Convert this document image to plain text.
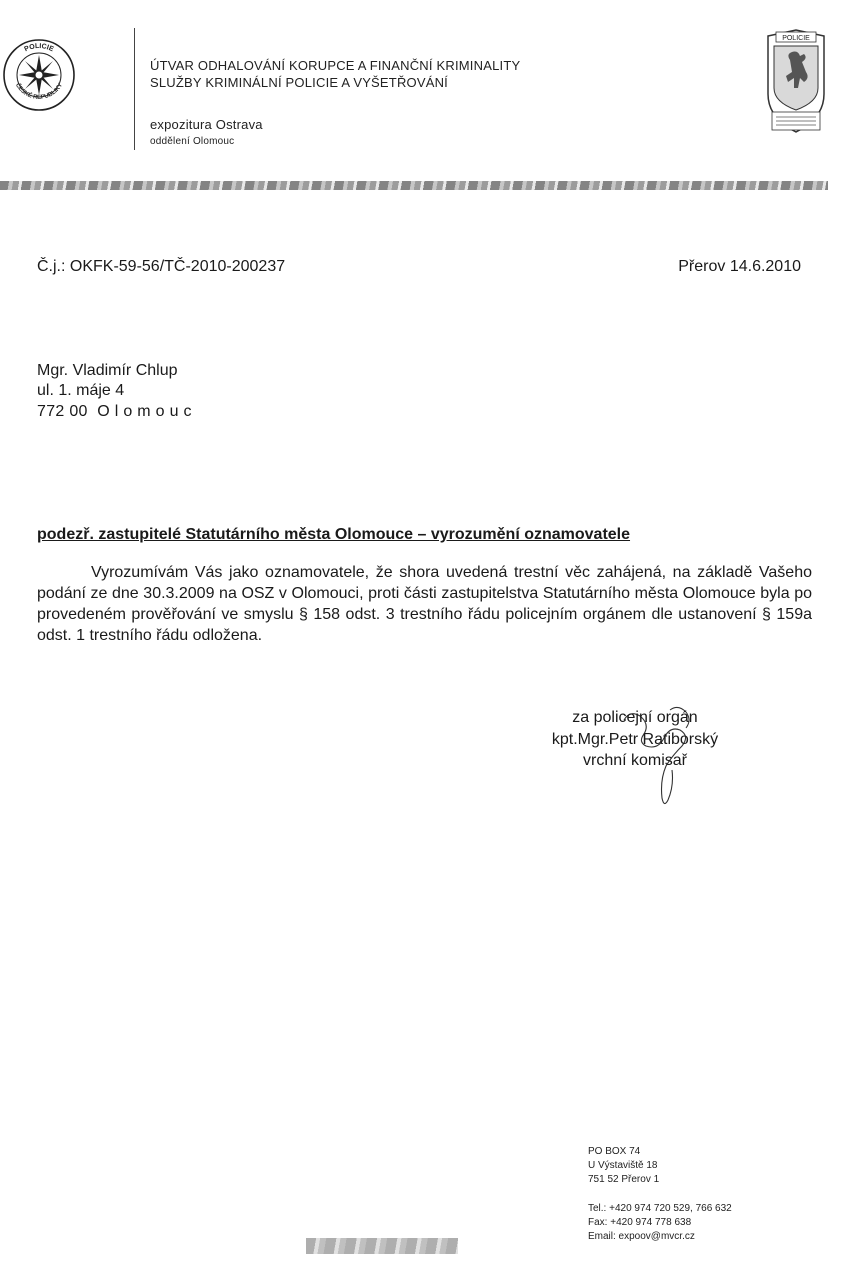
POLICIE
ČESKÉ REPUBLIKY
ÚTVAR ODHALOVÁNÍ KORUPCE A FINANČNÍ KRIMINALITY
SLUŽBY KRIMINÁLNÍ POLICIE A VYŠETŘOVÁNÍ
expozitura Ostrava
oddělení Olomouc
POLICIE
Č.j.: OKFK-59-56/TČ-2010-200237	Přerov 14.6.2010
Mgr. Vladimír Chlup
ul. 1. máje 4
772 00  O l o m o u c
podezř. zastupitelé Statutárního města Olomouce – vyrozumění oznamovatele
Vyrozumívám Vás jako oznamovatele, že shora uvedená trestní věc zahájená, na základě Vašeho podání ze dne 30.3.2009 na OSZ v Olomouci, proti části zastupitelstva Statutárního města Olomouce byla po provedeném prověřování ve smyslu § 158 odst. 3 trestního řádu policejním orgánem dle ustanovení § 159a odst. 1 trestního řádu odložena.
za policejní orgán
kpt.Mgr.Petr Ratiborský
vrchní komisař
PO BOX 74
U Výstaviště 18
751 52 Přerov 1
Tel.: +420 974 720 529, 766 632
Fax: +420 974 778 638
Email: expoov@mvcr.cz
